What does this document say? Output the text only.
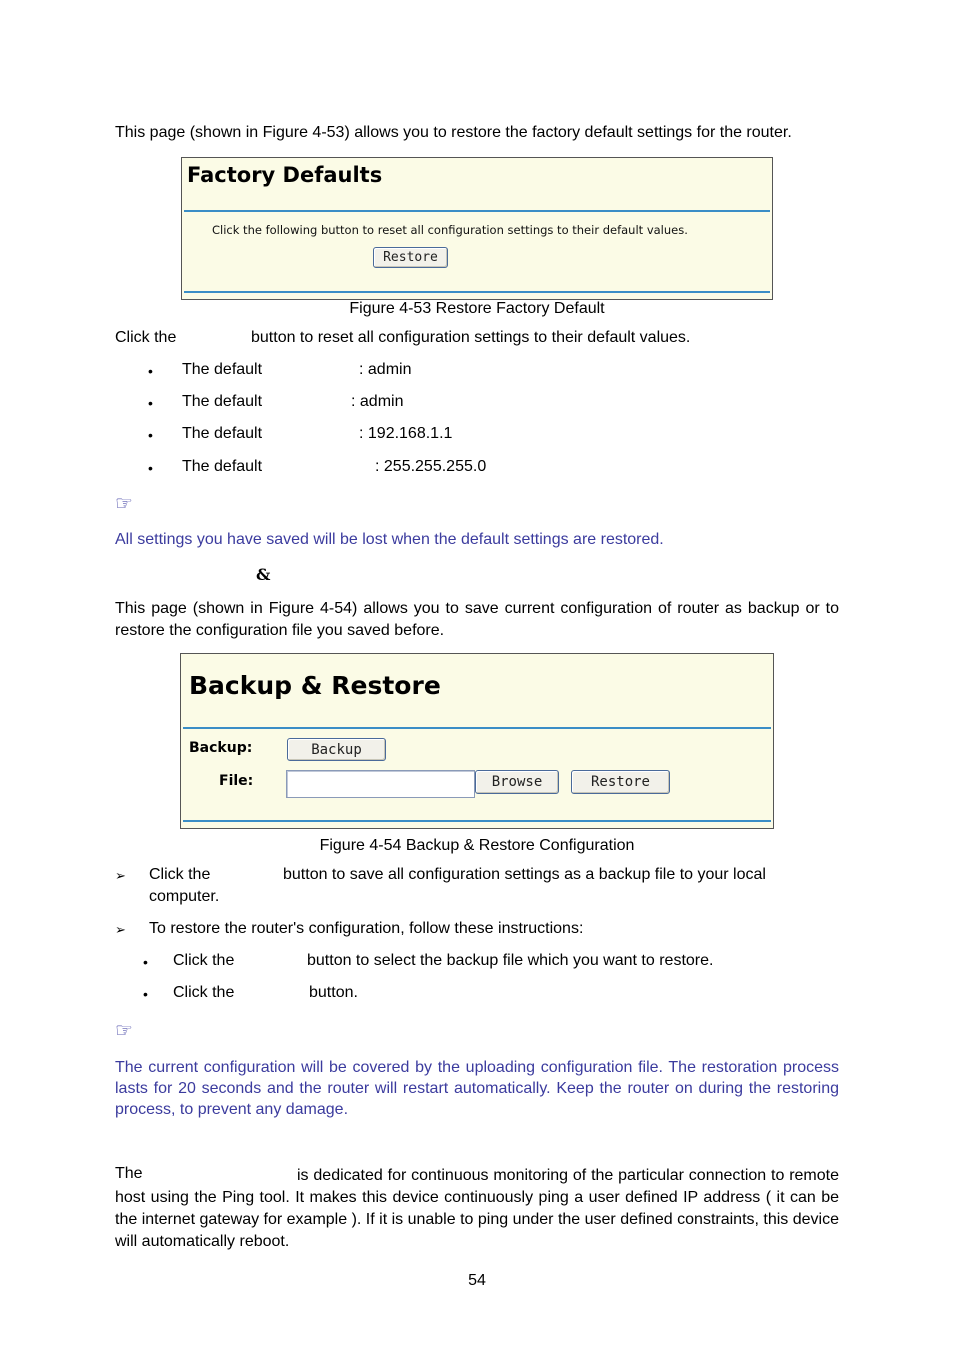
This page (shown in Figure 4-53) allows you to restore the factory default settings for the router.
Factory Defaults
Click the following button to reset all configuration settings to their default values.
Restore
Figure 4-53 Restore Factory Default
Click the	button to reset all configuration settings to their default values.
• The default	: admin
• The default	: admin
• The default	: 192.168.1.1
• The default	: 255.255.255.0
☞
All settings you have saved will be lost when the default settings are restored.
&
This page (shown in Figure 4-54) allows you to save current configuration of router as backup or to restore the configuration file you saved before.
Backup & Restore
Backup:	Backup
File:	Browse	Restore
Figure 4-54 Backup & Restore Configuration
➢ Click the	button to save all configuration settings as a backup file to your local
computer.
➢ To restore the router's configuration, follow these instructions:
• Click the	button to select the backup file which you want to restore.
• Click the	button.
☞
The current configuration will be covered by the uploading configuration file. The restoration process lasts for 20 seconds and the router will restart automatically. Keep the router on during the restoring process, to prevent any damage.
The	is dedicated for continuous monitoring of the particular connection to remote host using the Ping tool. It makes this device continuously ping a user defined IP address ( it can be the internet gateway for example ). If it is unable to ping under the user defined constraints, this device will automatically reboot.
54
